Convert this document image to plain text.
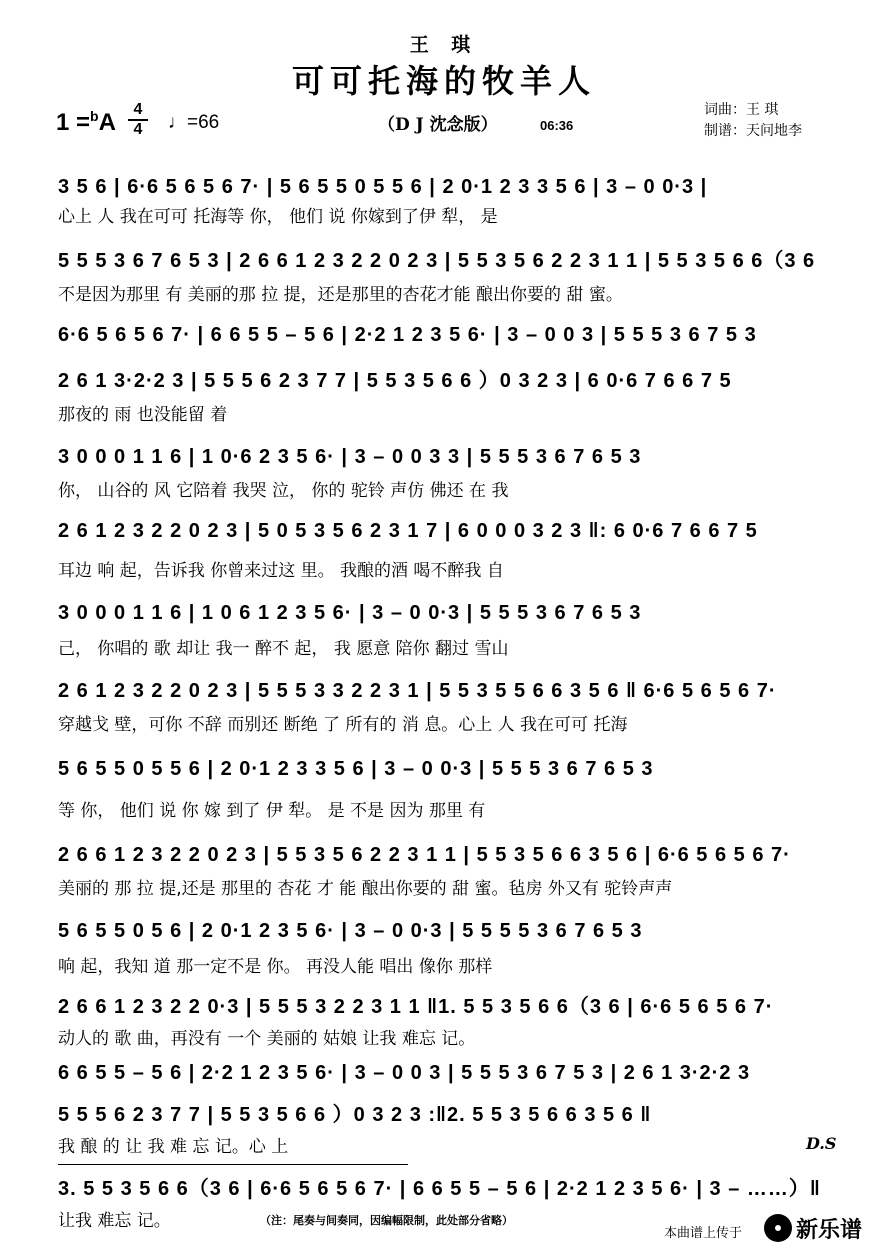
王 琪
可可托海的牧羊人
1 =$^b$A	4
4 ♩=66	（D J 沈念版）	06:36
词曲：王 琪
制谱：天问地李
3 5 6 | 6·6 5 6 5 6 7· | 5 6 5 5 0 5 5 6 | 2 0·1 2 3 3 5 6 | 3 – 0 0·3 |
心上 人 我在可可 托海等 你， 他们 说 你嫁到了伊 犁， 是
5 5 5 3 6 7 6 5 3 | 2 6 6 1 2 3 2 2 0 2 3 | 5 5 3 5 6 2 2 3 1 1 | 5 5 3 5 6 6（3 6
不是因为那里 有 美丽的那 拉 提，还是那里的杏花才能 酿出你要的 甜 蜜。
6·6 5 6 5 6 7· | 6 6 5 5 – 5 6 | 2·2 1 2 3 5 6· | 3 – 0 0 3 | 5 5 5 3 6 7 5 3
2 6 1 3·2·2 3 | 5 5 5 6 2 3 7 7 | 5 5 3 5 6 6 ）0 3 2 3 | 6 0·6 7 6 6 7 5
那夜的 雨 也没能留 着
3 0 0 0 1 1 6 | 1 0·6 2 3 5 6· | 3 – 0 0 3 3 | 5 5 5 3 6 7 6 5 3
你， 山谷的 风 它陪着 我哭 泣， 你的 驼铃 声仿 佛还 在 我
2 6 1 2 3 2 2 0 2 3 | 5 0 5 3 5 6 2 3 1 7 | 6 0 0 0 3 2 3 ‖: 6 0·6 7 6 6 7 5
耳边 响 起，告诉我 你曾来过这 里。 我酿的酒 喝不醉我 自
3 0 0 0 1 1 6 | 1 0 6 1 2 3 5 6· | 3 – 0 0·3 | 5 5 5 3 6 7 6 5 3
己， 你唱的 歌 却让 我一 醉不 起， 我 愿意 陪你 翻过 雪山
2 6 1 2 3 2 2 0 2 3 | 5 5 5 3 3 2 2 3 1 | 5 5 3 5 5 6 6 3 5 6 ‖ 6·6 5 6 5 6 7·
穿越戈 壁，可你 不辞 而别还 断绝 了 所有的 消 息。心上 人 我在可可 托海
5 6 5 5 0 5 5 6 | 2 0·1 2 3 3 5 6 | 3 – 0 0·3 | 5 5 5 3 6 7 6 5 3
等 你， 他们 说 你 嫁 到了 伊 犁。 是 不是 因为 那里 有
2 6 6 1 2 3 2 2 0 2 3 | 5 5 3 5 6 2 2 3 1 1 | 5 5 3 5 6 6 3 5 6 | 6·6 5 6 5 6 7·
美丽的 那 拉 提,还是 那里的 杏花 才 能 酿出你要的 甜 蜜。毡房 外又有 驼铃声声
5 6 5 5 0 5 6 | 2 0·1 2 3 5 6· | 3 – 0 0·3 | 5 5 5 5 3 6 7 6 5 3
响 起，我知 道 那一定不是 你。 再没人能 唱出 像你 那样
2 6 6 1 2 3 2 2 0·3 | 5 5 5 3 2 2 3 1 1 ‖1. 5 5 3 5 6 6（3 6 | 6·6 5 6 5 6 7·
动人的 歌 曲，再没有 一个 美丽的 姑娘 让我 难忘 记。
6 6 5 5 – 5 6 | 2·2 1 2 3 5 6· | 3 – 0 0 3 | 5 5 5 3 6 7 5 3 | 2 6 1 3·2·2 3
5 5 5 6 2 3 7 7 | 5 5 3 5 6 6 ）0 3 2 3 :‖2. 5 5 3 5 6 6 3 5 6 ‖
我 酿 的 让 我 难 忘 记。心 上
3. 5 5 3 5 6 6（3 6 | 6·6 5 6 5 6 7· | 6 6 5 5 – 5 6 | 2·2 1 2 3 5 6· | 3 – ……）‖
让我 难忘 记。
D.S
（注：尾奏与间奏同，因编幅限制，此处部分省略）
本曲谱上传于 新乐谱
